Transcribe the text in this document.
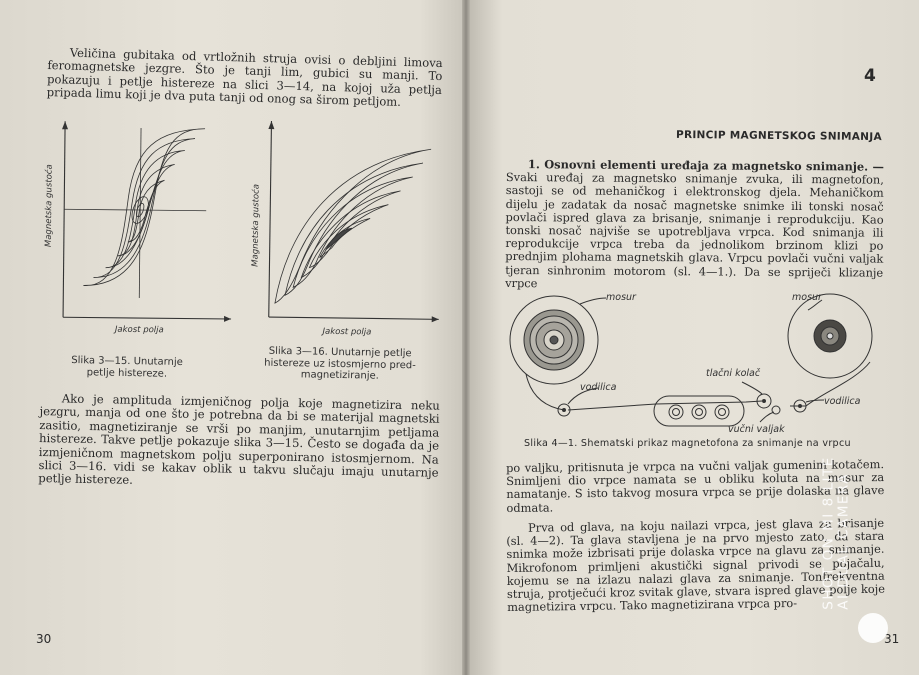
Veličina gubitaka od vrtložnih struja ovisi o debljini limova feromagnetske jezgre. Što je tanji lim, gubici su manji. To pokazuju i petlje histereze na slici 3—14, na kojoj uža petlja pripada limu koji je dva puta tanji od onog sa širom petljom.

Magnetska gustoća
Jakost polja
Magnetska gustoća
Jakost polja
Slika 3—15. Unutarnje
petlje histereze.
Slika 3—16. Unutarnje petlje
histereze uz istosmjerno pred-
magnetiziranje.

Ako je amplituda izmjeničnog polja koje magnetizira neku jezgru, manja od one što je potrebna da bi se materijal magnetski zasitio, magnetiziranje se vrši po manjim, unutarnjim petljama histereze. Takve petlje pokazuje slika 3—15. Često se događa da je izmjeničnom magnetskom polju superponirano istosmjernom. Na slici 3—16. vidi se kakav oblik u takvu slučaju imaju unutarnje petlje histereze.

30
4
PRINCIP MAGNETSKOG SNIMANJA

1. Osnovni elementi uređaja za magnetsko snimanje. — Svaki uređaj za magnetsko snimanje zvuka, ili magnetofon, sastoji se od mehaničkog i elektronskog djela. Mehaničkom dijelu je zadatak da nosač magnetske snimke ili tonski nosač povlači ispred glava za brisanje, snimanje i reprodukciju. Kao tonski nosač najviše se upotrebljava vrpca. Kod snimanja ili reprodukcije vrpca treba da jednolikom brzinom klizi po prednjim plohama magnetskih glava. Vrpcu povlači vučni valjak tjeran sinhronim motorom (sl. 4—1.). Da se spriječi klizanje vrpce

mosur	mosur
vodilica
vodilica
tlačni kolač
vučni valjak
Slika 4—1. Shematski prikaz magnetofona za snimanje na vrpcu

po valjku, pritisnuta je vrpca na vučni valjak gumenim kotačem. Snimljeni dio vrpce namata se u obliku koluta na mosur za namatanje. S isto takvog mosura vrpca se prije dolaska na glave odmata.

Prva od glava, na koju nailazi vrpca, jest glava za brisanje (sl. 4—2). Ta glava stavljena je na prvo mjesto zato, da stara snimka može izbrisati prije dolaska vrpce na glavu za snimanje. Mikrofonom primljeni akustički signal privodi se pojačalu, kojemu se na izlazu nalazi glava za snimanje. Tonfrekventna struja, protječući kroz svitak glave, stvara ispred glave polje koje magnetizira vrpcu. Tako magnetizirana vrpca pro-

31
SHOT ON MI 8 LITE AI DUAL CAMERA
